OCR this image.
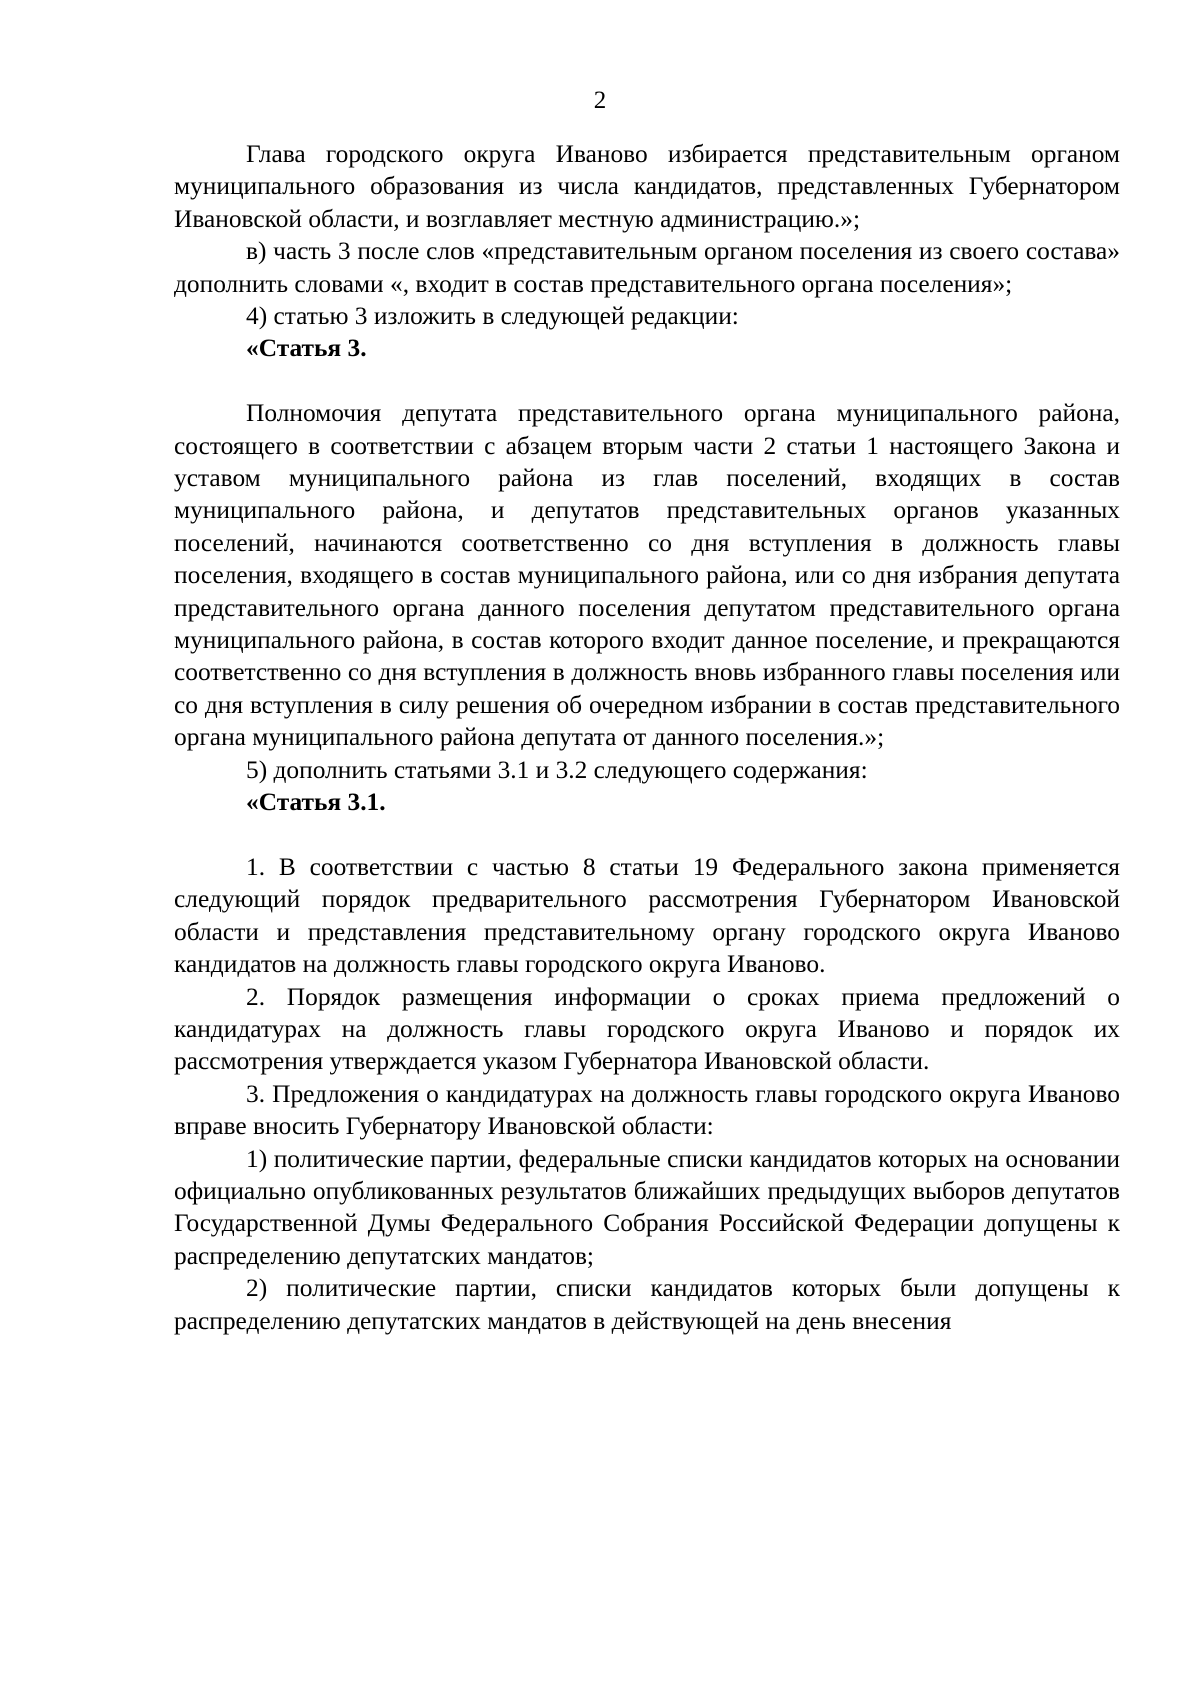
2

Глава городского округа Иваново избирается представительным органом муниципального образования из числа кандидатов, представленных Губернатором Ивановской области, и возглавляет местную администрацию.»;

в) часть 3 после слов «представительным органом поселения из своего состава» дополнить словами «, входит в состав представительного органа поселения»;

4) статью 3 изложить в следующей редакции:

«Статья 3.

Полномочия депутата представительного органа муниципального района, состоящего в соответствии с абзацем вторым части 2 статьи 1 настоящего Закона и уставом муниципального района из глав поселений, входящих в состав муниципального района, и депутатов представительных органов указанных поселений, начинаются соответственно со дня вступления в должность главы поселения, входящего в состав муниципального района, или со дня избрания депутата представительного органа данного поселения депутатом представительного органа муниципального района, в состав которого входит данное поселение, и прекращаются соответственно со дня вступления в должность вновь избранного главы поселения или со дня вступления в силу решения об очередном избрании в состав представительного органа муниципального района депутата от данного поселения.»;

5) дополнить статьями 3.1 и 3.2 следующего содержания:

«Статья 3.1.

1. В соответствии с частью 8 статьи 19 Федерального закона применяется следующий порядок предварительного рассмотрения Губернатором Ивановской области и представления представительному органу городского округа Иваново кандидатов на должность главы городского округа Иваново.

2. Порядок размещения информации о сроках приема предложений о кандидатурах на должность главы городского округа Иваново и порядок их рассмотрения утверждается указом Губернатора Ивановской области.

3. Предложения о кандидатурах на должность главы городского округа Иваново вправе вносить Губернатору Ивановской области:

1) политические партии, федеральные списки кандидатов которых на основании официально опубликованных результатов ближайших предыдущих выборов депутатов Государственной Думы Федерального Собрания Российской Федерации допущены к распределению депутатских мандатов;

2) политические партии, списки кандидатов которых были допущены к распределению депутатских мандатов в действующей на день внесения
